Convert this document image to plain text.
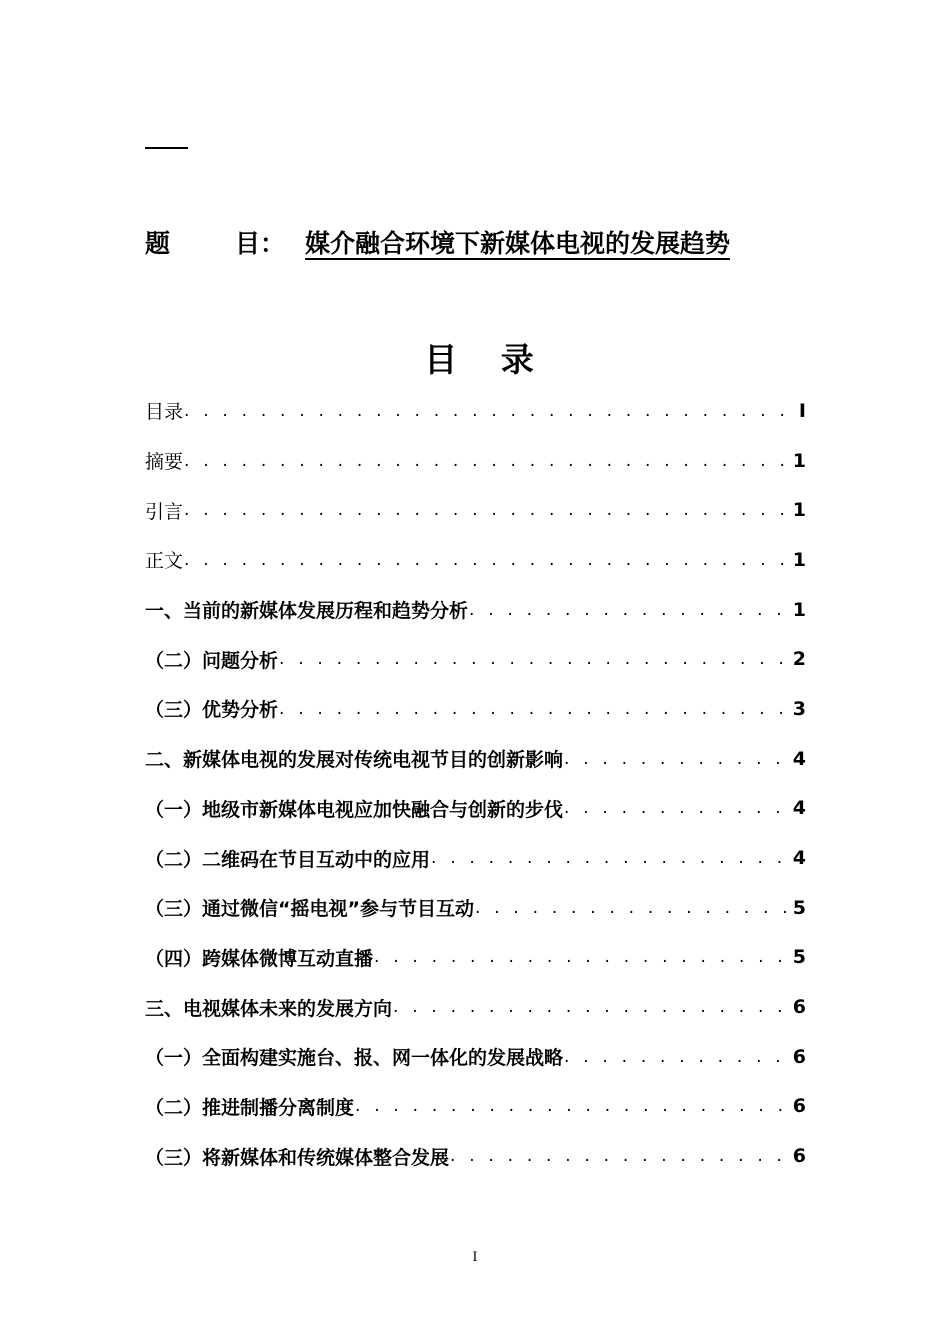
题	目： 媒介融合环境下新媒体电视的发展趋势
目 录
目录 . . .	I
摘要 . . .	1
引言 . . .	1
正文 . . .	1
一、当前的新媒体发展历程和趋势分析 . . .	1
（二）问题分析 . . .	2
（三）优势分析 . . .	3
二、新媒体电视的发展对传统电视节目的创新影响 . . .	4
（一）地级市新媒体电视应加快融合与创新的步伐 . . .	4
（二）二维码在节目互动中的应用 . . .	4
（三）通过微信“摇电视”参与节目互动 . . .	5
（四）跨媒体微博互动直播 . . .	5
三、电视媒体未来的发展方向 . . .	6
（一）全面构建实施台、报、网一体化的发展战略 . . .	6
（二）推进制播分离制度 . . .	6
（三）将新媒体和传统媒体整合发展 . . .	6
I
